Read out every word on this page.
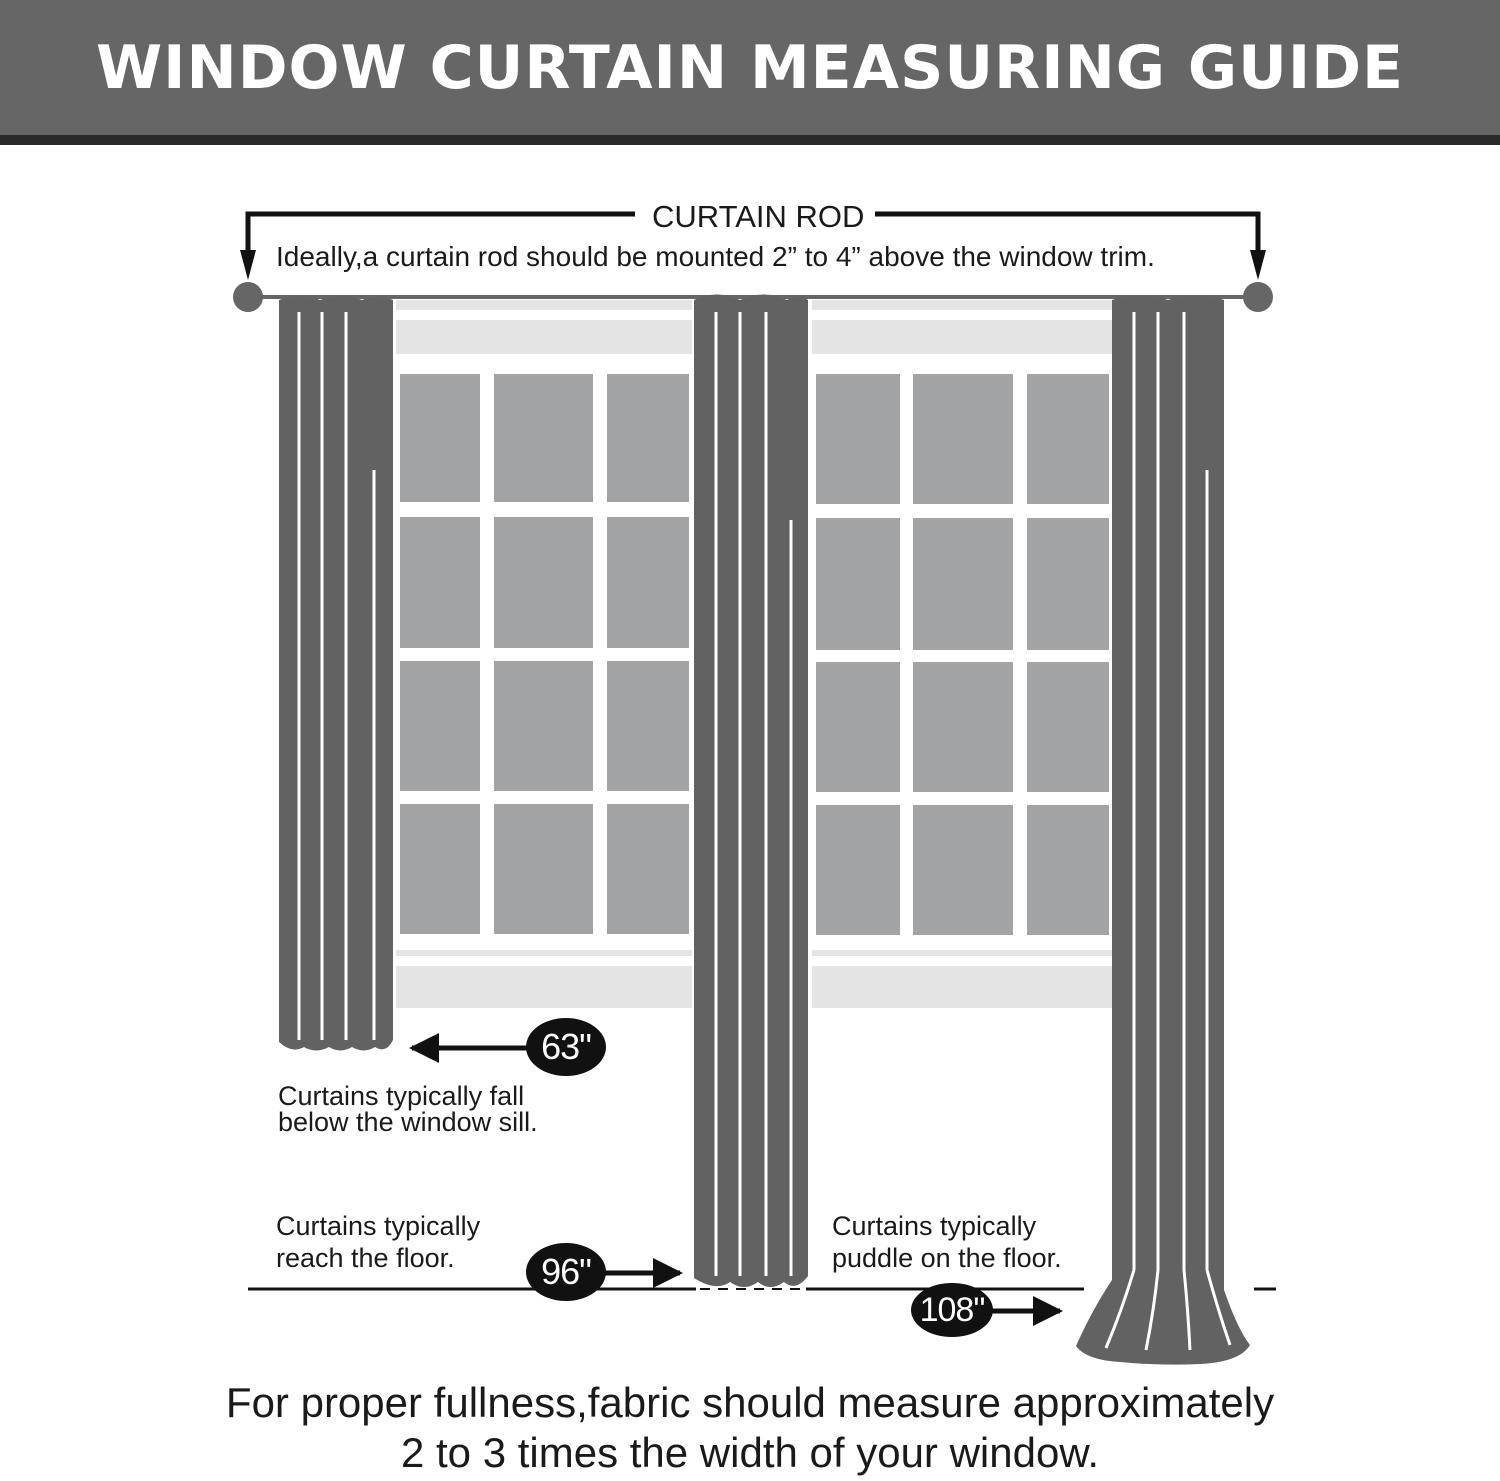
WINDOW CURTAIN MEASURING GUIDE

CURTAIN ROD

Ideally,a curtain rod should be mounted 2” to 4” above the window trim.

63"

Curtains typically fall
below the window sill.

96"

Curtains typically
reach the floor.

108"

Curtains typically
puddle on the floor.

For proper fullness,fabric should measure approximately
2 to 3 times the width of your window.
